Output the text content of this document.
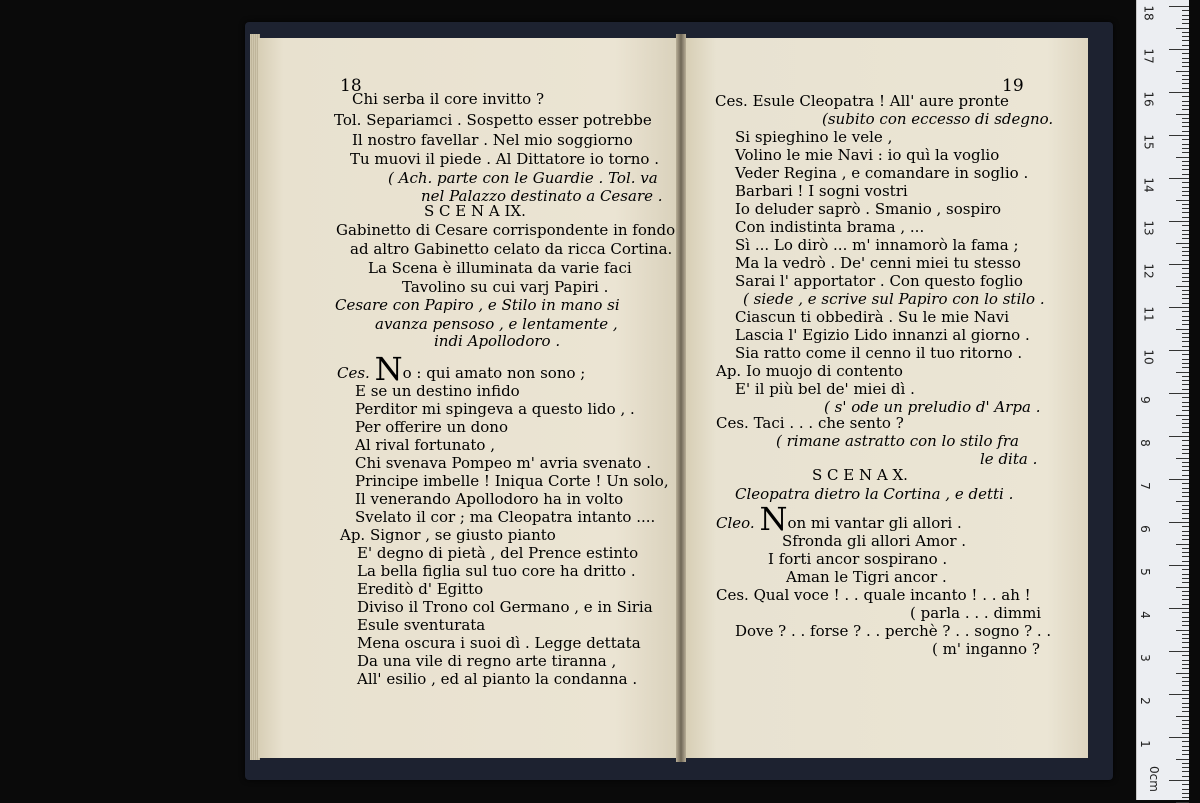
18	19
Chi serba il core invitto ?
Tol. Separiamci . Sospetto esser potrebbe
Il nostro favellar . Nel mio soggiorno
Tu muovi il piede . Al Dittatore io torno .
( Ach. parte con le Guardie . Tol. va
nel Palazzo destinato a Cesare .
S C E N A IX.
Gabinetto di Cesare corrispondente in fondo
ad altro Gabinetto celato da ricca Cortina.
La Scena è illuminata da varie faci
Tavolino su cui varj Papiri .
Cesare con Papiro , e Stilo in mano si
avanza pensoso , e lentamente ,
indi Apollodoro .
Ces. No : qui amato non sono ;
E se un destino infido
Perditor mi spingeva a questo lido , .
Per offerire un dono
Al rival fortunato ,
Chi svenava Pompeo m' avria svenato .
Principe imbelle ! Iniqua Corte ! Un solo,
Il venerando Apollodoro ha in volto
Svelato il cor ; ma Cleopatra intanto ....
Ap. Signor , se giusto pianto
E' degno di pietà , del Prence estinto
La bella figlia sul tuo core ha dritto .
Ereditò d' Egitto
Diviso il Trono col Germano , e in Siria
Esule sventurata
Mena oscura i suoi dì . Legge dettata
Da una vile di regno arte tiranna ,
All' esilio , ed al pianto la condanna .
Ces. Esule Cleopatra ! All' aure pronte
(subito con eccesso di sdegno.
Si spieghino le vele ,
Volino le mie Navi : io quì la voglio
Veder Regina , e comandare in soglio .
Barbari ! I sogni vostri
Io deluder saprò . Smanio , sospiro
Con indistinta brama , ...
Sì ... Lo dirò ... m' innamorò la fama ;
Ma la vedrò . De' cenni miei tu stesso
Sarai l' apportator . Con questo foglio
( siede , e scrive sul Papiro con lo stilo .
Ciascun ti obbedirà . Su le mie Navi
Lascia l' Egizio Lido innanzi al giorno .
Sia ratto come il cenno il tuo ritorno .
Ap. Io muojo di contento
E' il più bel de' miei dì .
( s' ode un preludio d' Arpa .
Ces. Taci . . . che sento ?
( rimane astratto con lo stilo fra
le dita .
S C E N A X.
Cleopatra dietro la Cortina , e detti .
Cleo. Non mi vantar gli allori .
Sfronda gli allori Amor .
I forti ancor sospirano .
Aman le Tigri ancor .
Ces. Qual voce ! . . quale incanto ! . . ah !
( parla . . . dimmi
Dove ? . . forse ? . . perchè ? . . sogno ? . .
( m' inganno ?
18
17
16
15
14
13
12
11
10
9
8
7
6
5
4
3
2
1
0cm
